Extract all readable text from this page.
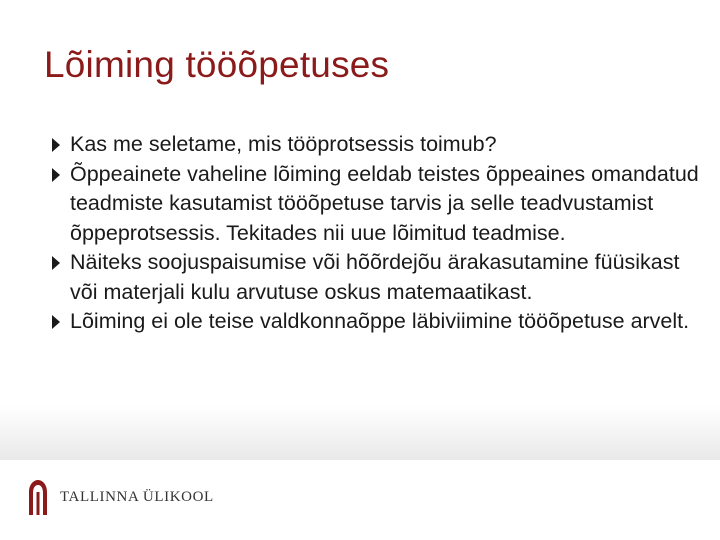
Lõiming tööõpetuses
Kas me seletame, mis tööprotsessis toimub?
Õppeainete vaheline lõiming eeldab teistes õppeaines omandatud teadmiste kasutamist tööõpetuse tarvis ja selle teadvustamist õppeprotsessis. Tekitades nii uue lõimitud teadmise.
Näiteks soojuspaisumise või hõõrdejõu ärakasutamine füüsikast või materjali kulu arvutuse oskus matemaatikast.
Lõiming ei ole teise valdkonnaõppe läbiviimine tööõpetuse arvelt.
TALLINNA ÜLIKOOL
